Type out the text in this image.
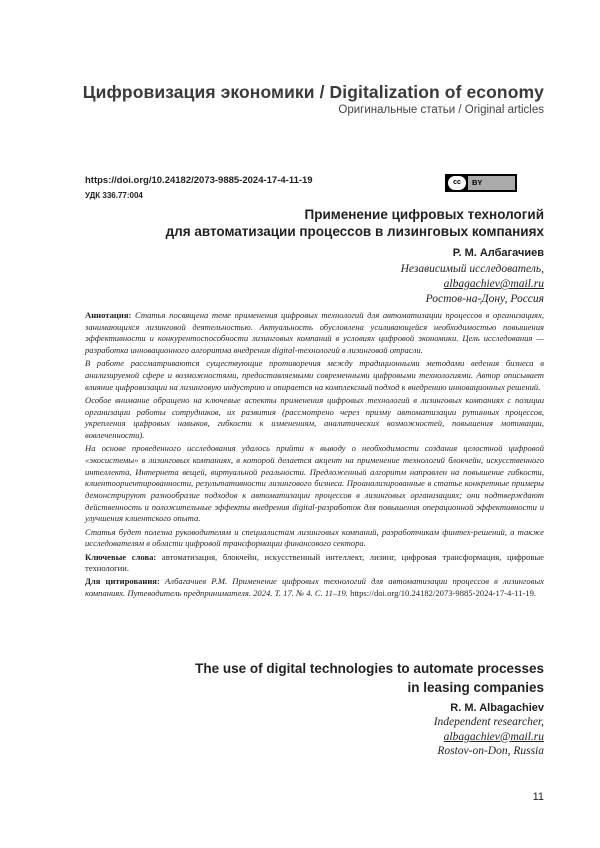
Цифровизация экономики / Digitalization of economy
Оригинальные статьи / Original articles
https://doi.org/10.24182/2073-9885-2024-17-4-11-19
УДК 336.77:004
cc	BY
Применение цифровых технологий
для автоматизации процессов в лизинговых компаниях
Р. М. Албагачиев
Независимый исследователь,
albagachiev@mail.ru
Ростов-на-Дону, Россия

Аннотация: Статья посвящена теме применения цифровых технологий для автоматизации процессов в организациях, занимающихся лизинговой деятельностью. Актуальность обусловлена усиливающейся необходимостью повышения эффективности и конкурентоспособности лизинговых компаний в условиях цифровой экономики. Цель исследования — разработка инновационного алгоритма внедрения digital-технологий в лизинговой отрасли.

В работе рассматриваются существующие противоречия между традиционными методами ведения бизнеса в анализируемой сфере и возможностями, предоставляемыми современными цифровыми технологиями. Автор описывает влияние цифровизации на лизинговую индустрию и опирается на комплексный подход к внедрению инновационных решений.

Особое внимание обращено на ключевые аспекты применения цифровых технологий в лизинговых компаниях с позиции организации работы сотрудников, их развития (рассмотрено через призму автоматизации рутинных процессов, укрепления цифровых навыков, гибкости к изменениям, аналитических возможностей, повышения мотивации, вовлеченности).

На основе проведенного исследования удалось прийти к выводу о необходимости создания целостной цифровой «экосистемы» в лизинговых компаниях, в которой делается акцент на применение технологий блокчейн, искусственного интеллекта, Интернета вещей, виртуальной реальности. Предложенный алгоритм направлен на повышение гибкости, клиентоориентированности, результативности лизингового бизнеса. Проанализированные в статье конкретные примеры демонстрируют разнообразие подходов к автоматизации процессов в лизинговых организациях; они подтверждают действенность и положительные эффекты внедрения digital-разработок для повышения операционной эффективности и улучшения клиентского опыта.

Статья будет полезна руководителям и специалистам лизинговых компаний, разработчикам финтех-решений, а также исследователям в области цифровой трансформации финансового сектора.

Ключевые слова: автоматизация, блокчейн, искусственный интеллект, лизинг, цифровая трансформация, цифровые технологии.

Для цитирования: Албагачиев Р.М. Применение цифровых технологий для автоматизации процессов в лизинговых компаниях. Путеводитель предпринимателя. 2024. Т. 17. № 4. С. 11–19. https://doi.org/10.24182/2073-9885-2024-17-4-11-19.

The use of digital technologies to automate processes
in leasing companies
R. M. Albagachiev
Independent researcher,
albagachiev@mail.ru
Rostov-on-Don, Russia
11
